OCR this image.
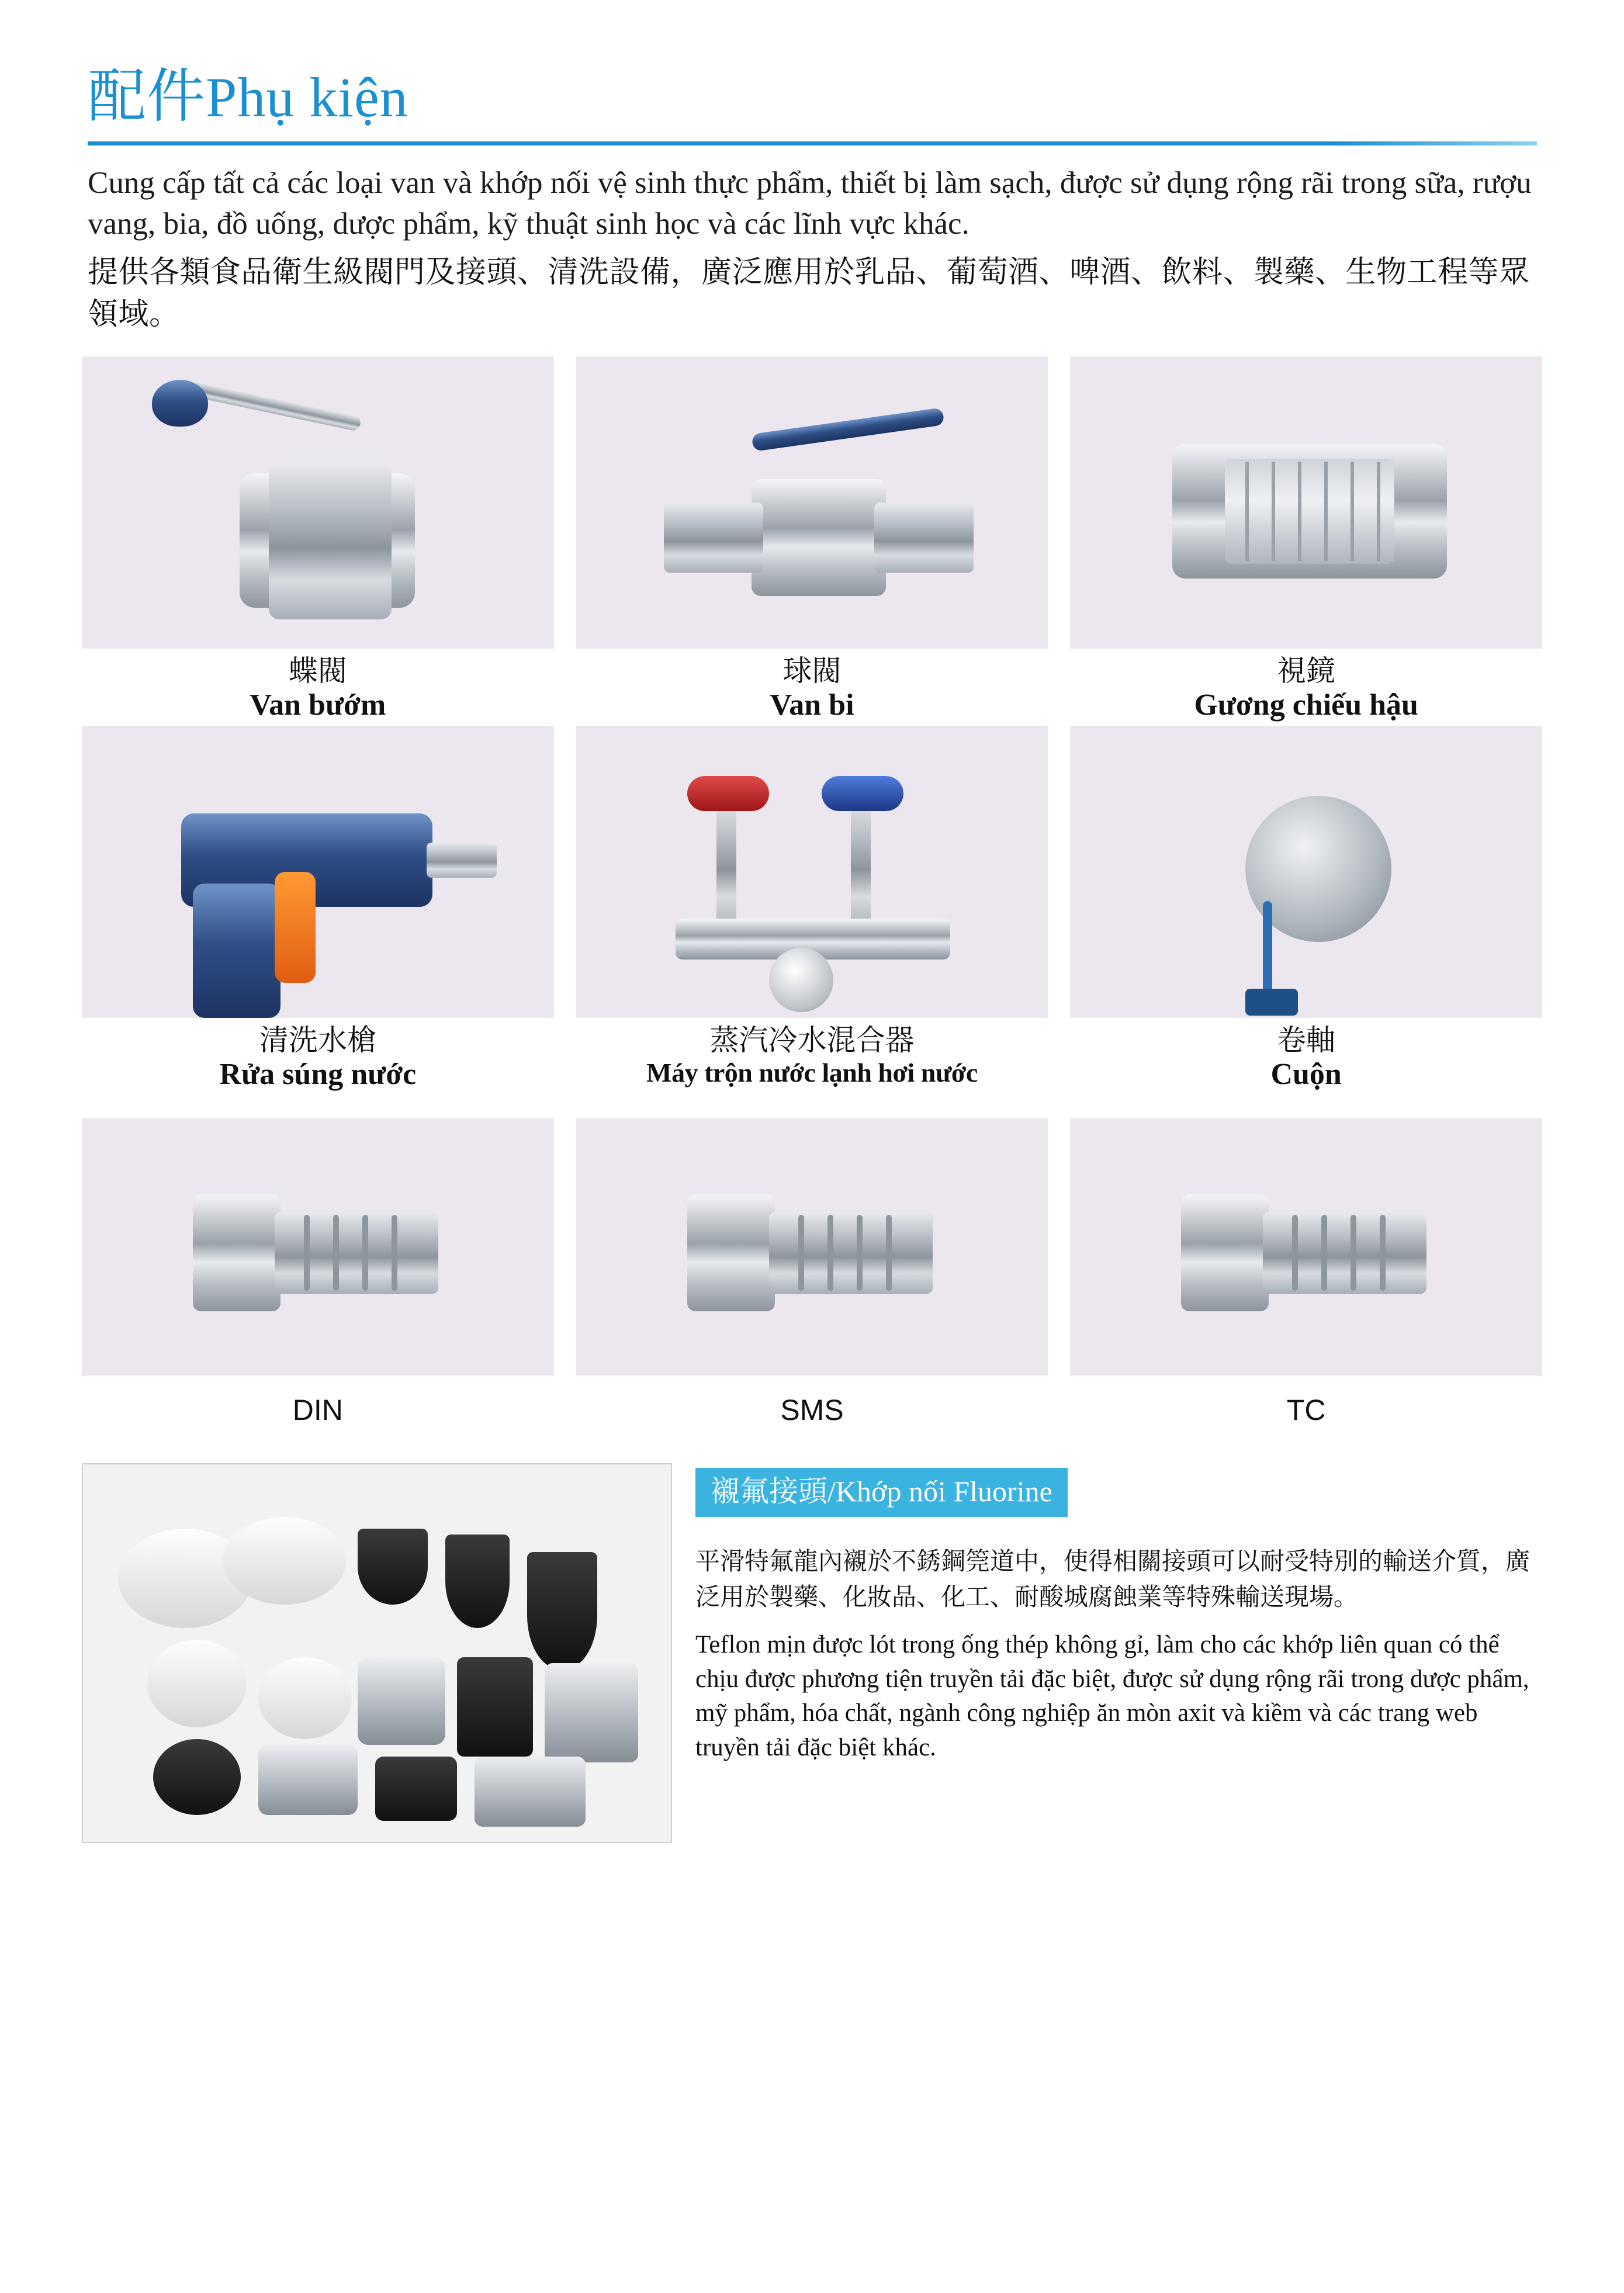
配件Phụ kiện

Cung cấp tất cả các loại van và khớp nối vệ sinh thực phẩm, thiết bị làm sạch, được sử dụng rộng rãi trong sữa, rượu vang, bia, đồ uống, dược phẩm, kỹ thuật sinh học và các lĩnh vực khác.

提供各類食品衛生級閥門及接頭、清洗設備，廣泛應用於乳品、葡萄酒、啤酒、飲料、製藥、生物工程等眾領域。

蝶閥
Van bướm
球閥
Van bi
視鏡
Gương chiếu hậu
清洗水槍
Rửa súng nước
蒸汽冷水混合器
Máy trộn nước lạnh hơi nước
卷軸
Cuộn
DIN	SMS	TC
襯氟接頭/Khớp nối Fluorine

平滑特氟龍內襯於不銹鋼筦道中，使得相關接頭可以耐受特別的輸送介質，廣泛用於製藥、化妝品、化工、耐酸城腐蝕業等特殊輸送現場。

Teflon mịn được lót trong ống thép không gỉ, làm cho các khớp liên quan có thể chịu được phương tiện truyền tải đặc biệt, được sử dụng rộng rãi trong dược phẩm, mỹ phẩm, hóa chất, ngành công nghiệp ăn mòn axit và kiềm và các trang web truyền tải đặc biệt khác.
